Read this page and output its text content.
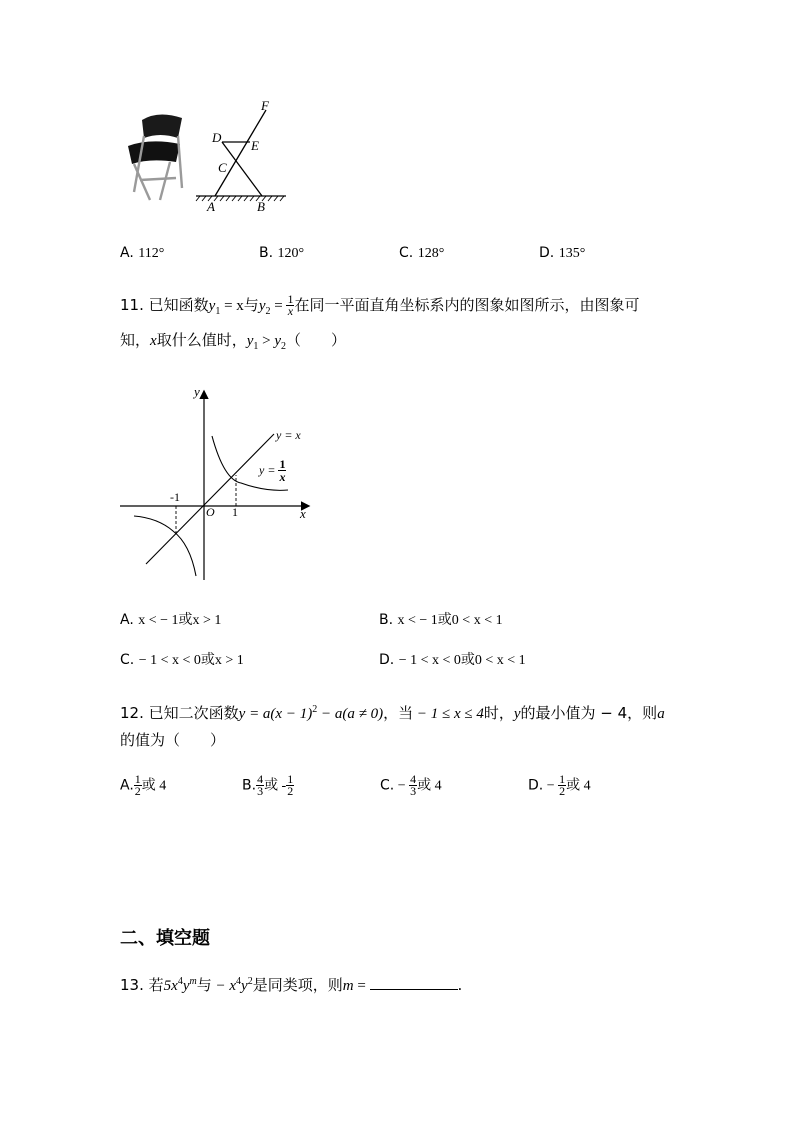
F
D
E
C
A	B
A. 112°	B. 120°	C. 128°	D. 135°
11. 已知函数$y_1 = x$与$y_2 = \frac{1}{x}$ 在同一平面直角坐标系内的图象如图所示，由图象可
知，x取什么值时，$y_1 > y_2$（　　）
y
x
O
-1
1
y = x
$y = \frac{1}{x}$
A. x < − 1或x > 1	B. x < − 1或0 < x < 1
C. − 1 < x < 0或x > 1	D. − 1 < x < 0或0 < x < 1
12. 已知二次函数$y = a(x - 1)^2 - a(a \ne 0)$，当 − 1 ≤ x ≤ 4时，y的最小值为 − 4，则a
的值为（　　）
A. $\frac{1}{2}$ 或 4	B. $\frac{4}{3}$ 或 - $\frac{1}{2}$	C. − $\frac{4}{3}$ 或 4	D. − $\frac{1}{2}$ 或 4
二、填空题
13. 若$5x^4y^m$与 − $x^4y^2$是同类项，则m =	.
